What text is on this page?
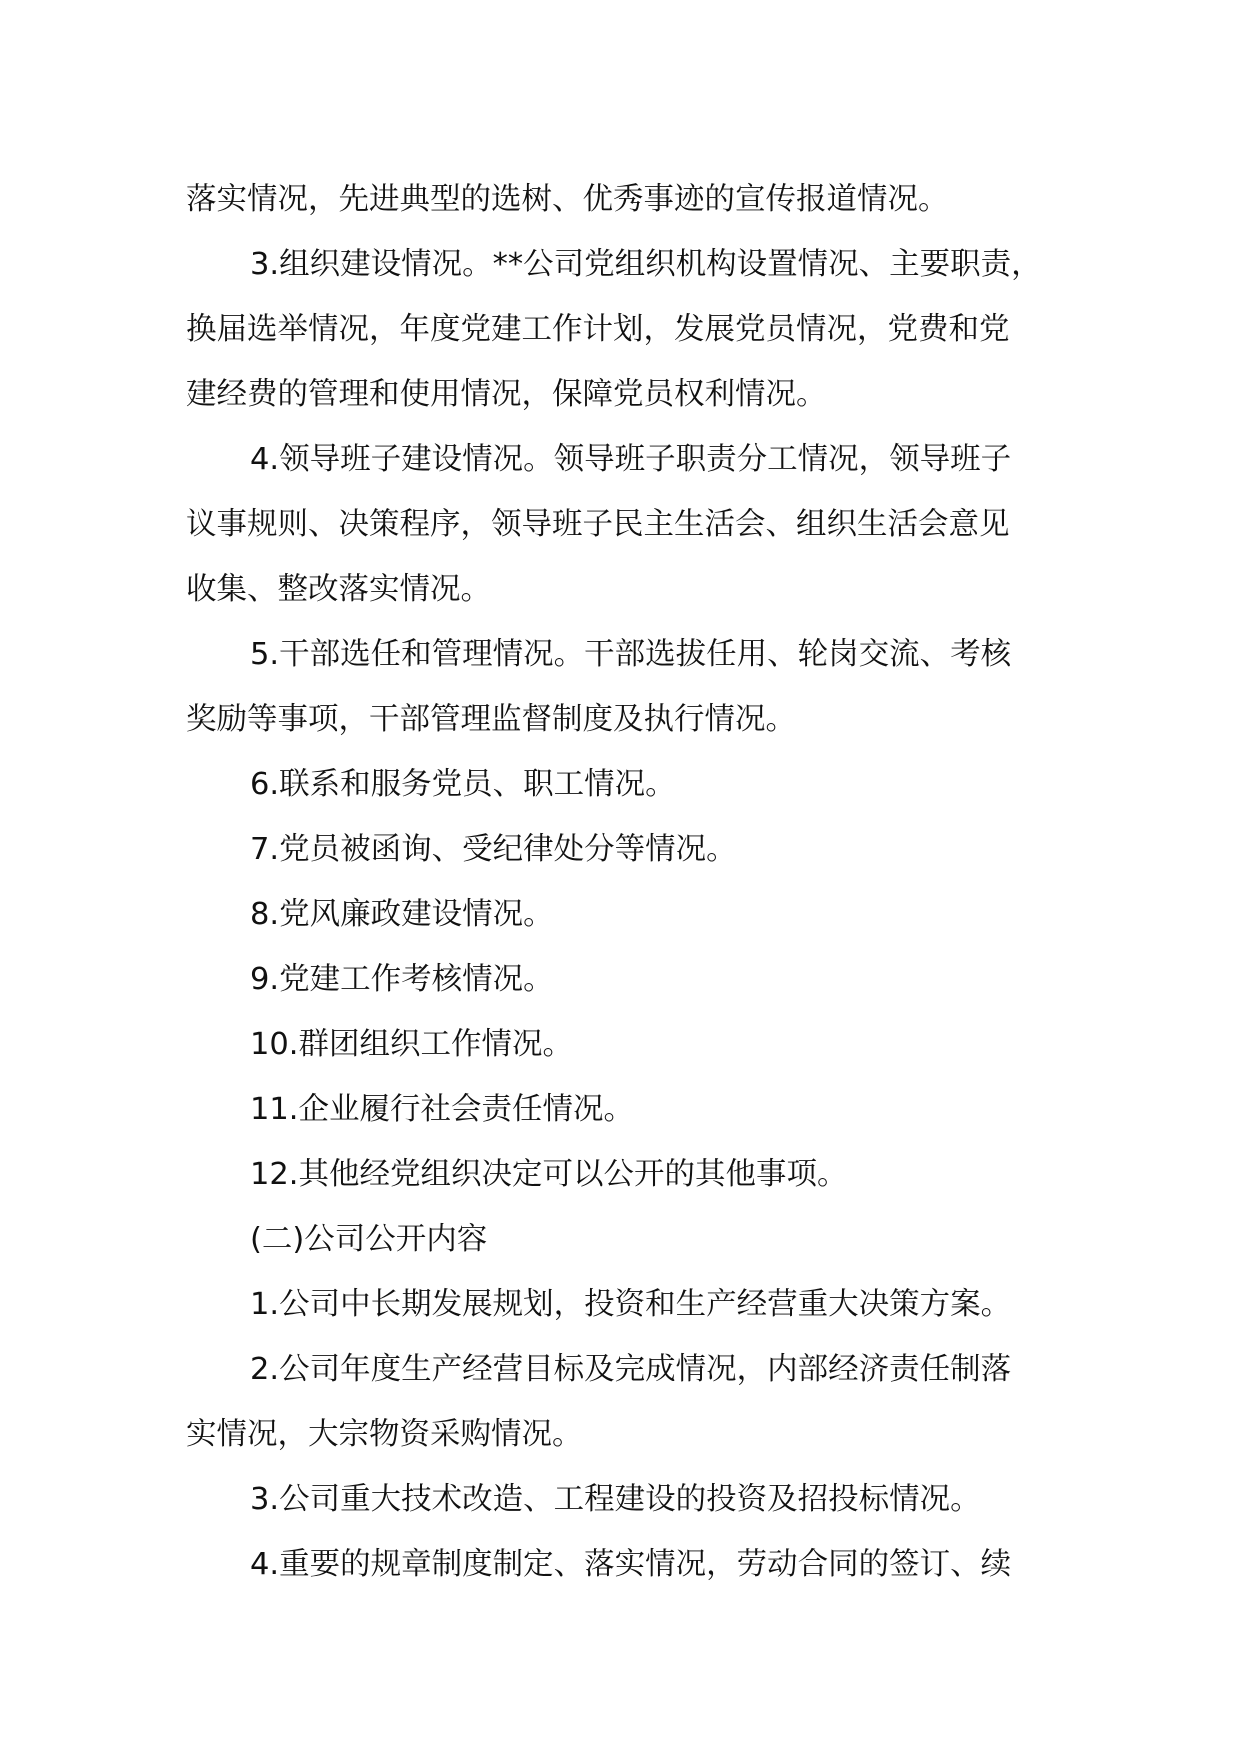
落实情况，先进典型的选树、优秀事迹的宣传报道情况。

3.组织建设情况。**公司党组织机构设置情况、主要职责，

换届选举情况，年度党建工作计划，发展党员情况，党费和党

建经费的管理和使用情况，保障党员权利情况。

4.领导班子建设情况。领导班子职责分工情况，领导班子

议事规则、决策程序，领导班子民主生活会、组织生活会意见

收集、整改落实情况。

5.干部选任和管理情况。干部选拔任用、轮岗交流、考核

奖励等事项，干部管理监督制度及执行情况。

6.联系和服务党员、职工情况。

7.党员被函询、受纪律处分等情况。

8.党风廉政建设情况。

9.党建工作考核情况。

10.群团组织工作情况。

11.企业履行社会责任情况。

12.其他经党组织决定可以公开的其他事项。

(二)公司公开内容

1.公司中长期发展规划，投资和生产经营重大决策方案。

2.公司年度生产经营目标及完成情况，内部经济责任制落

实情况，大宗物资采购情况。

3.公司重大技术改造、工程建设的投资及招投标情况。

4.重要的规章制度制定、落实情况，劳动合同的签订、续
